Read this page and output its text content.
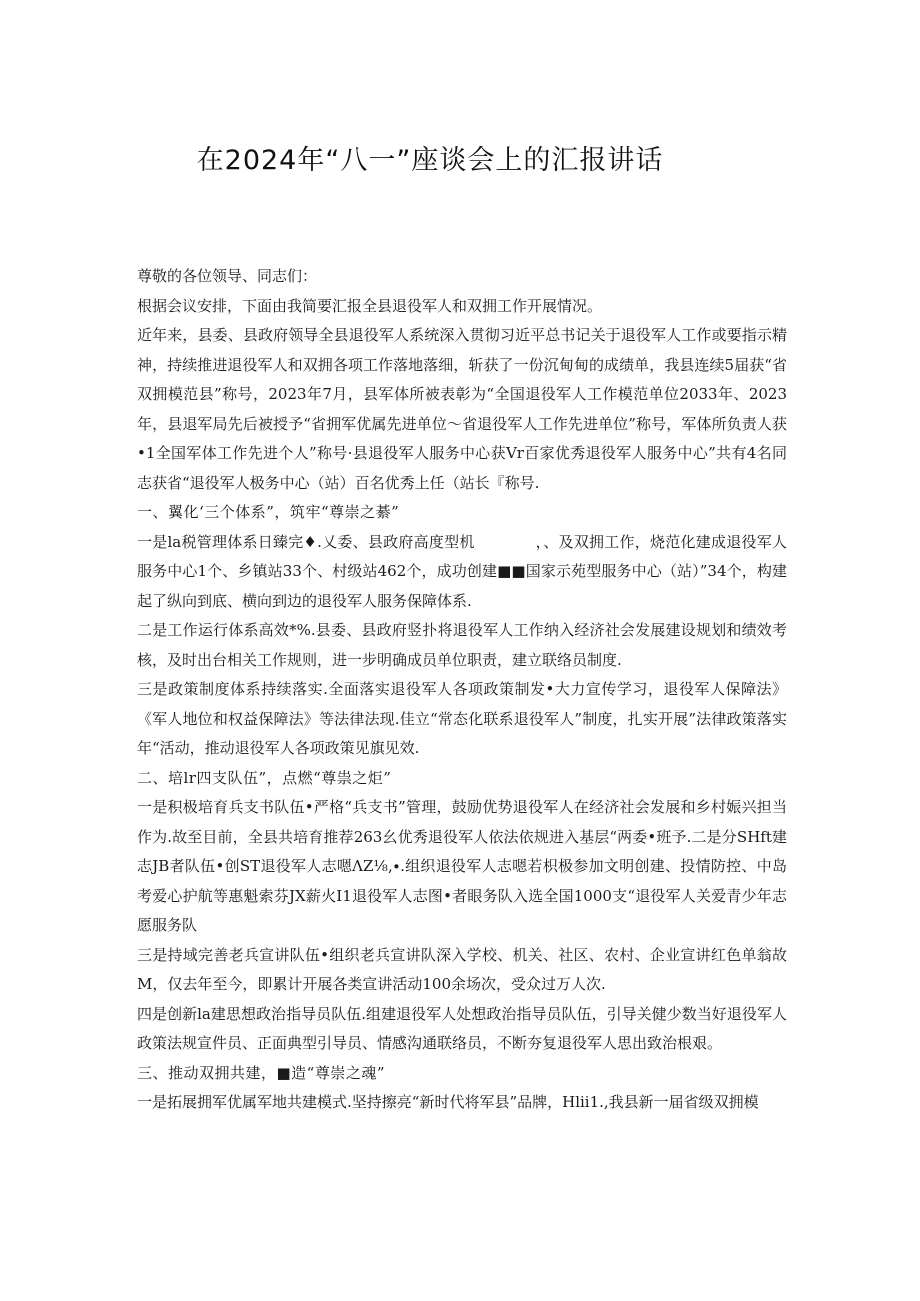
在2024年“八一”座谈会上的汇报讲话

尊敬的各位领导、同志们：

根据会议安排，下面由我简要汇报全县退役军人和双拥工作开展情况。

近年来，县委、县政府领导全县退役军人系统深入贯彻习近平总书记关于退役军人工作或要指示精神，持续推进退役军人和双拥各项工作落地落细，斩获了一份沉甸甸的成绩单，我县连续5届获“省双拥模范县”称号，2023年7月，县军体所被表彰为“全国退役军人工作模范单位2033年、2023年，县退军局先后被授予“省拥军优属先进单位～省退役军人工作先进单位”称号，军体所负责人获•1全国军体工作先进个人”称号·县退役军人服务中心获Vr百家优秀退役军人服务中心”共有4名同志获省“退役军人极务中心（站）百名优秀上任（站长『称号.

一、翼化‘三个体系”，筑牢“尊崇之綦”

一是la税管理体系日臻完♦.乂委、县政府高度型机　　　　，、及双拥工作，烧范化建成退役军人服务中心1个、乡镇站33个、村级站462个，成功创建■■国家示苑型服务中心（站）”34个，构建起了纵向到底、横向到边的退役军人服务保障体系.

二是工作运行体系高效*%.县委、县政府竖扑将退役军人工作纳入经济社会发展建设规划和绩效考核，及时出台相关工作规则，进一步明确成员单位职责，建立联络员制度.

三是政策制度体系持续落实.全面落实退役军人各项政策制发•大力宣传学习，退役军人保障法》《军人地位和权益保障法》等法律法现.佳立“常态化联系退役军人”制度，扎实开展”法律政策落实年“活动，推动退役军人各项政策见旗见效.

二、培lr四支队伍”，点燃“尊祟之炬”

一是积极培育兵支书队伍•严格“兵支书”管理，鼓励优势退役军人在经济社会发展和乡村娠兴担当作为.故至目前，全县共培育推荐263幺优秀退役军人依法依规进入基层“两委•班予.二是分SHft建志JB者队伍•创ST退役军人志嗯ΛZ⅛,∙.组织退役军人志嗯若枳极参加文明创建、投情防控、中岛考爱心护航等惠魁索芬JX薪火I1退役军人志图•者眼务队入选全国1000支“退役军人关爱青少年志愿服务队

三是持域完善老兵宣讲队伍•组织老兵宣讲队深入学校、机关、社区、农村、企业宣讲红色单翁故M，仅去年至今，即累计开展各类宣讲活动100余场次，受众过万人次.

四是创新la建思想政治指导员队伍.组建退役军人处想政治指导员队伍，引导关健少数当好退役军人政策法规宣件员、正面典型引导员、情感沟通联络员，不断夯复退役军人思出致治根艰。

三、推动双拥共建，■造“尊崇之魂”

一是拓展拥军优属军地共建模式.坚持擦亮“新时代将军县”品牌，Hlii1.,我县新一届省级双拥模
